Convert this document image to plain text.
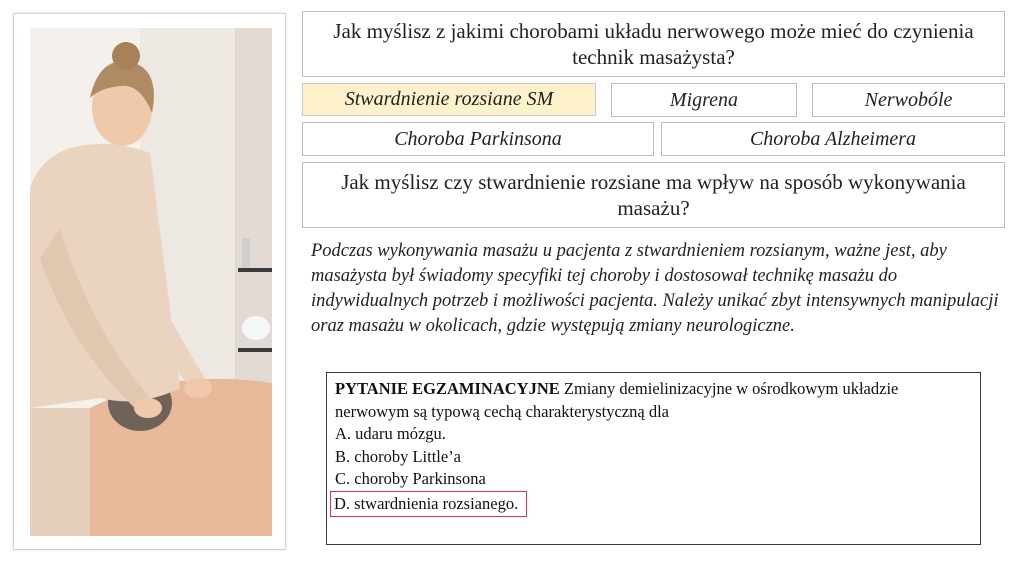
Jak myślisz z jakimi chorobami układu nerwowego może mieć do czynienia technik masażysta?
Stwardnienie rozsiane SM	Migrena	Nerwobóle
Choroba Parkinsona	Choroba Alzheimera
Jak myślisz czy stwardnienie rozsiane ma wpływ na sposób wykonywania masażu?
Podczas wykonywania masażu u pacjenta z stwardnieniem rozsianym, ważne jest, aby masażysta był świadomy specyfiki tej choroby i dostosował technikę masażu do indywidualnych potrzeb i możliwości pacjenta. Należy unikać zbyt intensywnych manipulacji oraz masażu w okolicach, gdzie występują zmiany neurologiczne.
PYTANIE EGZAMINACYJNE Zmiany demielinizacyjne w ośrodkowym układzie nerwowym są typową cechą charakterystyczną dla
A. udaru mózgu.
B. choroby Little’a
C. choroby Parkinsona
D. stwardnienia rozsianego.
